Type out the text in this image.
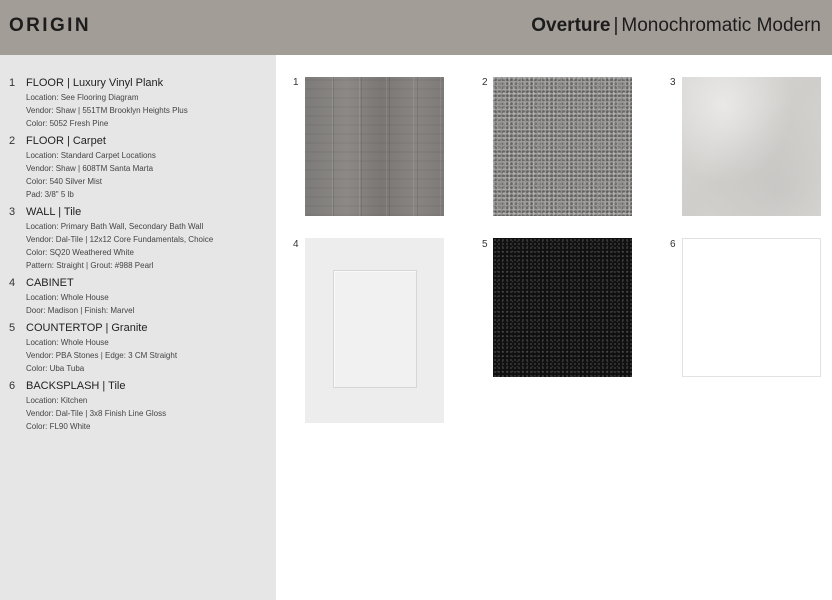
ORIGIN	Overture | Monochromatic Modern
1 FLOOR | Luxury Vinyl Plank
Location: See Flooring Diagram
Vendor: Shaw | 551TM Brooklyn Heights Plus
Color: 5052 Fresh Pine
2 FLOOR | Carpet
Location: Standard Carpet Locations
Vendor: Shaw | 608TM Santa Marta
Color: 540 Silver Mist
Pad: 3/8" 5 lb
3 WALL | Tile
Location: Primary Bath Wall, Secondary Bath Wall
Vendor: Dal-Tile | 12x12 Core Fundamentals, Choice
Color: SQ20 Weathered White
Pattern: Straight | Grout: #988 Pearl
4 CABINET
Location: Whole House
Door: Madison | Finish: Marvel
5 COUNTERTOP | Granite
Location: Whole House
Vendor: PBA Stones | Edge: 3 CM Straight
Color: Uba Tuba
6 BACKSPLASH | Tile
Location: Kitchen
Vendor: Dal-Tile | 3x8 Finish Line Gloss
Color: FL90 White
1	2	3
4	5	6
